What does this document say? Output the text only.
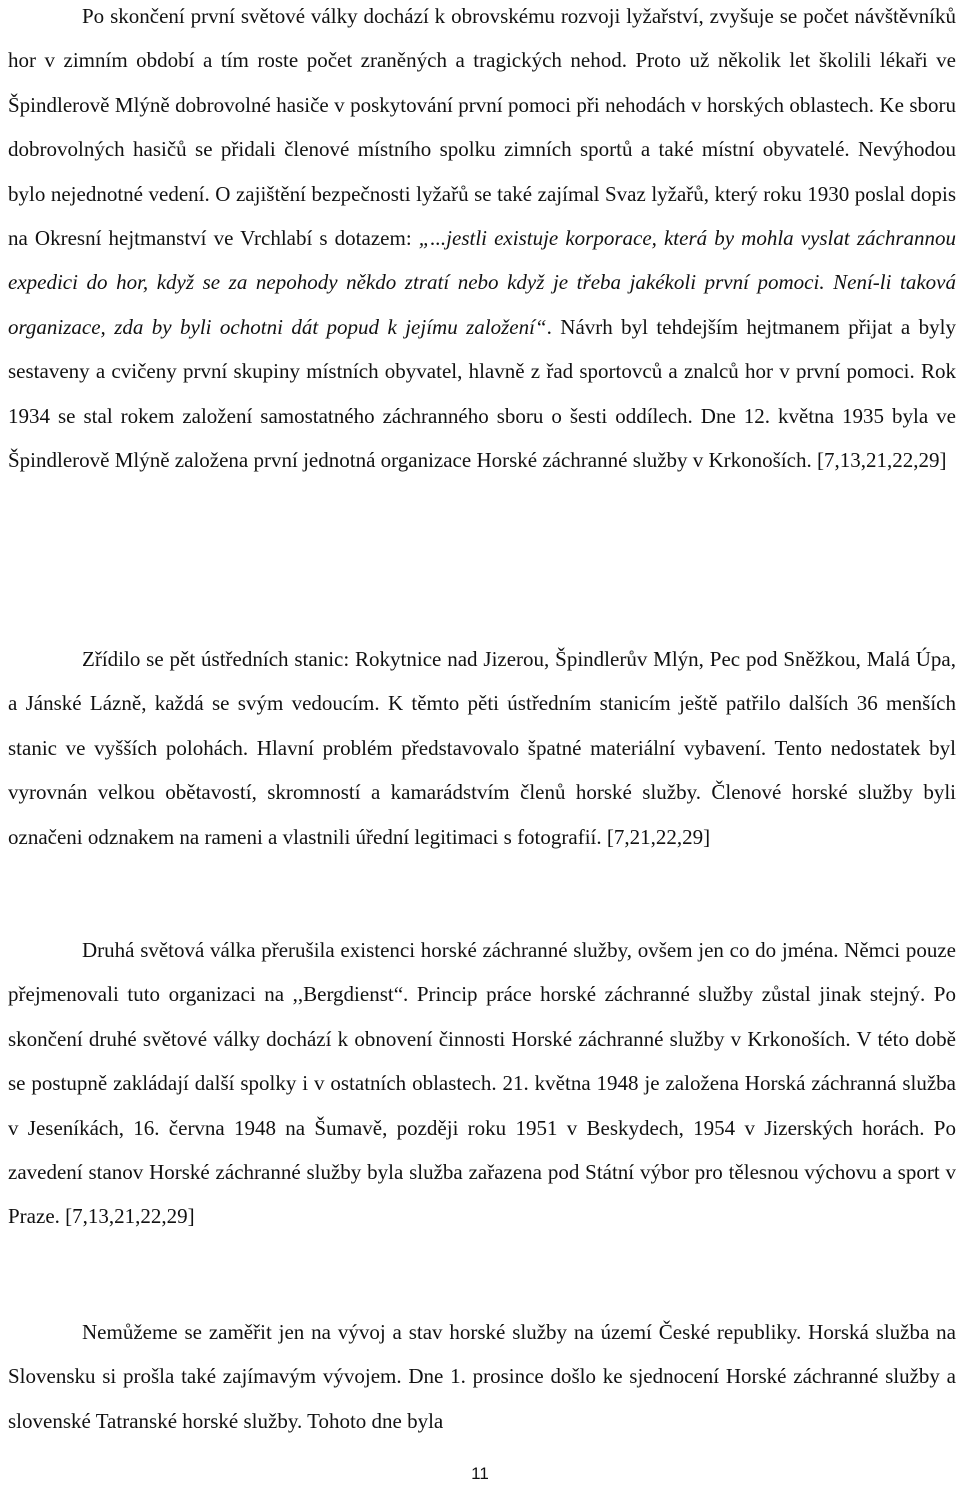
Po skončení první světové války dochází k obrovskému rozvoji lyžařství, zvyšuje se počet návštěvníků hor v zimním období a tím roste počet zraněných a tragických nehod. Proto už několik let školili lékaři ve Špindlerově Mlýně dobrovolné hasiče v poskytování první pomoci při nehodách v horských oblastech. Ke sboru dobrovolných hasičů se přidali členové místního spolku zimních sportů a také místní obyvatelé. Nevýhodou bylo nejednotné vedení. O zajištění bezpečnosti lyžařů se také zajímal Svaz lyžařů, který roku 1930 poslal dopis na Okresní hejtmanství ve Vrchlabí s dotazem: „...jestli existuje korporace, která by mohla vyslat záchrannou expedici do hor, když se za nepohody někdo ztratí nebo když je třeba jakékoli první pomoci. Není-li taková organizace, zda by byli ochotni dát popud k jejímu založení“. Návrh byl tehdejším hejtmanem přijat a byly sestaveny a cvičeny první skupiny místních obyvatel, hlavně z řad sportovců a znalců hor v první pomoci. Rok 1934 se stal rokem založení samostatného záchranného sboru o šesti oddílech. Dne 12. května 1935 byla ve Špindlerově Mlýně založena první jednotná organizace Horské záchranné služby v Krkonoších. [7,13,21,22,29]

Zřídilo se pět ústředních stanic: Rokytnice nad Jizerou, Špindlerův Mlýn, Pec pod Sněžkou, Malá Úpa, a Jánské Lázně, každá se svým vedoucím. K těmto pěti ústředním stanicím ještě patřilo dalších 36 menších stanic ve vyšších polohách. Hlavní problém představovalo špatné materiální vybavení. Tento nedostatek byl vyrovnán velkou obětavostí, skromností a kamarádstvím členů horské služby. Členové horské služby byli označeni odznakem na rameni a vlastnili úřední legitimaci s fotografií. [7,21,22,29]

Druhá světová válka přerušila existenci horské záchranné služby, ovšem jen co do jména. Němci pouze přejmenovali tuto organizaci na ,,Bergdienst“. Princip práce horské záchranné služby zůstal jinak stejný. Po skončení druhé světové války dochází k obnovení činnosti Horské záchranné služby v Krkonoších. V této době se postupně zakládají další spolky i v ostatních oblastech. 21. května 1948 je založena Horská záchranná služba v Jeseníkách, 16. června 1948 na Šumavě, později roku 1951 v Beskydech, 1954 v Jizerských horách. Po zavedení stanov Horské záchranné služby byla služba zařazena pod Státní výbor pro tělesnou výchovu a sport v Praze. [7,13,21,22,29]

Nemůžeme se zaměřit jen na vývoj a stav horské služby na území České republiky. Horská služba na Slovensku si prošla také zajímavým vývojem. Dne 1. prosince došlo ke sjednocení Horské záchranné služby a slovenské Tatranské horské služby. Tohoto dne byla

11
